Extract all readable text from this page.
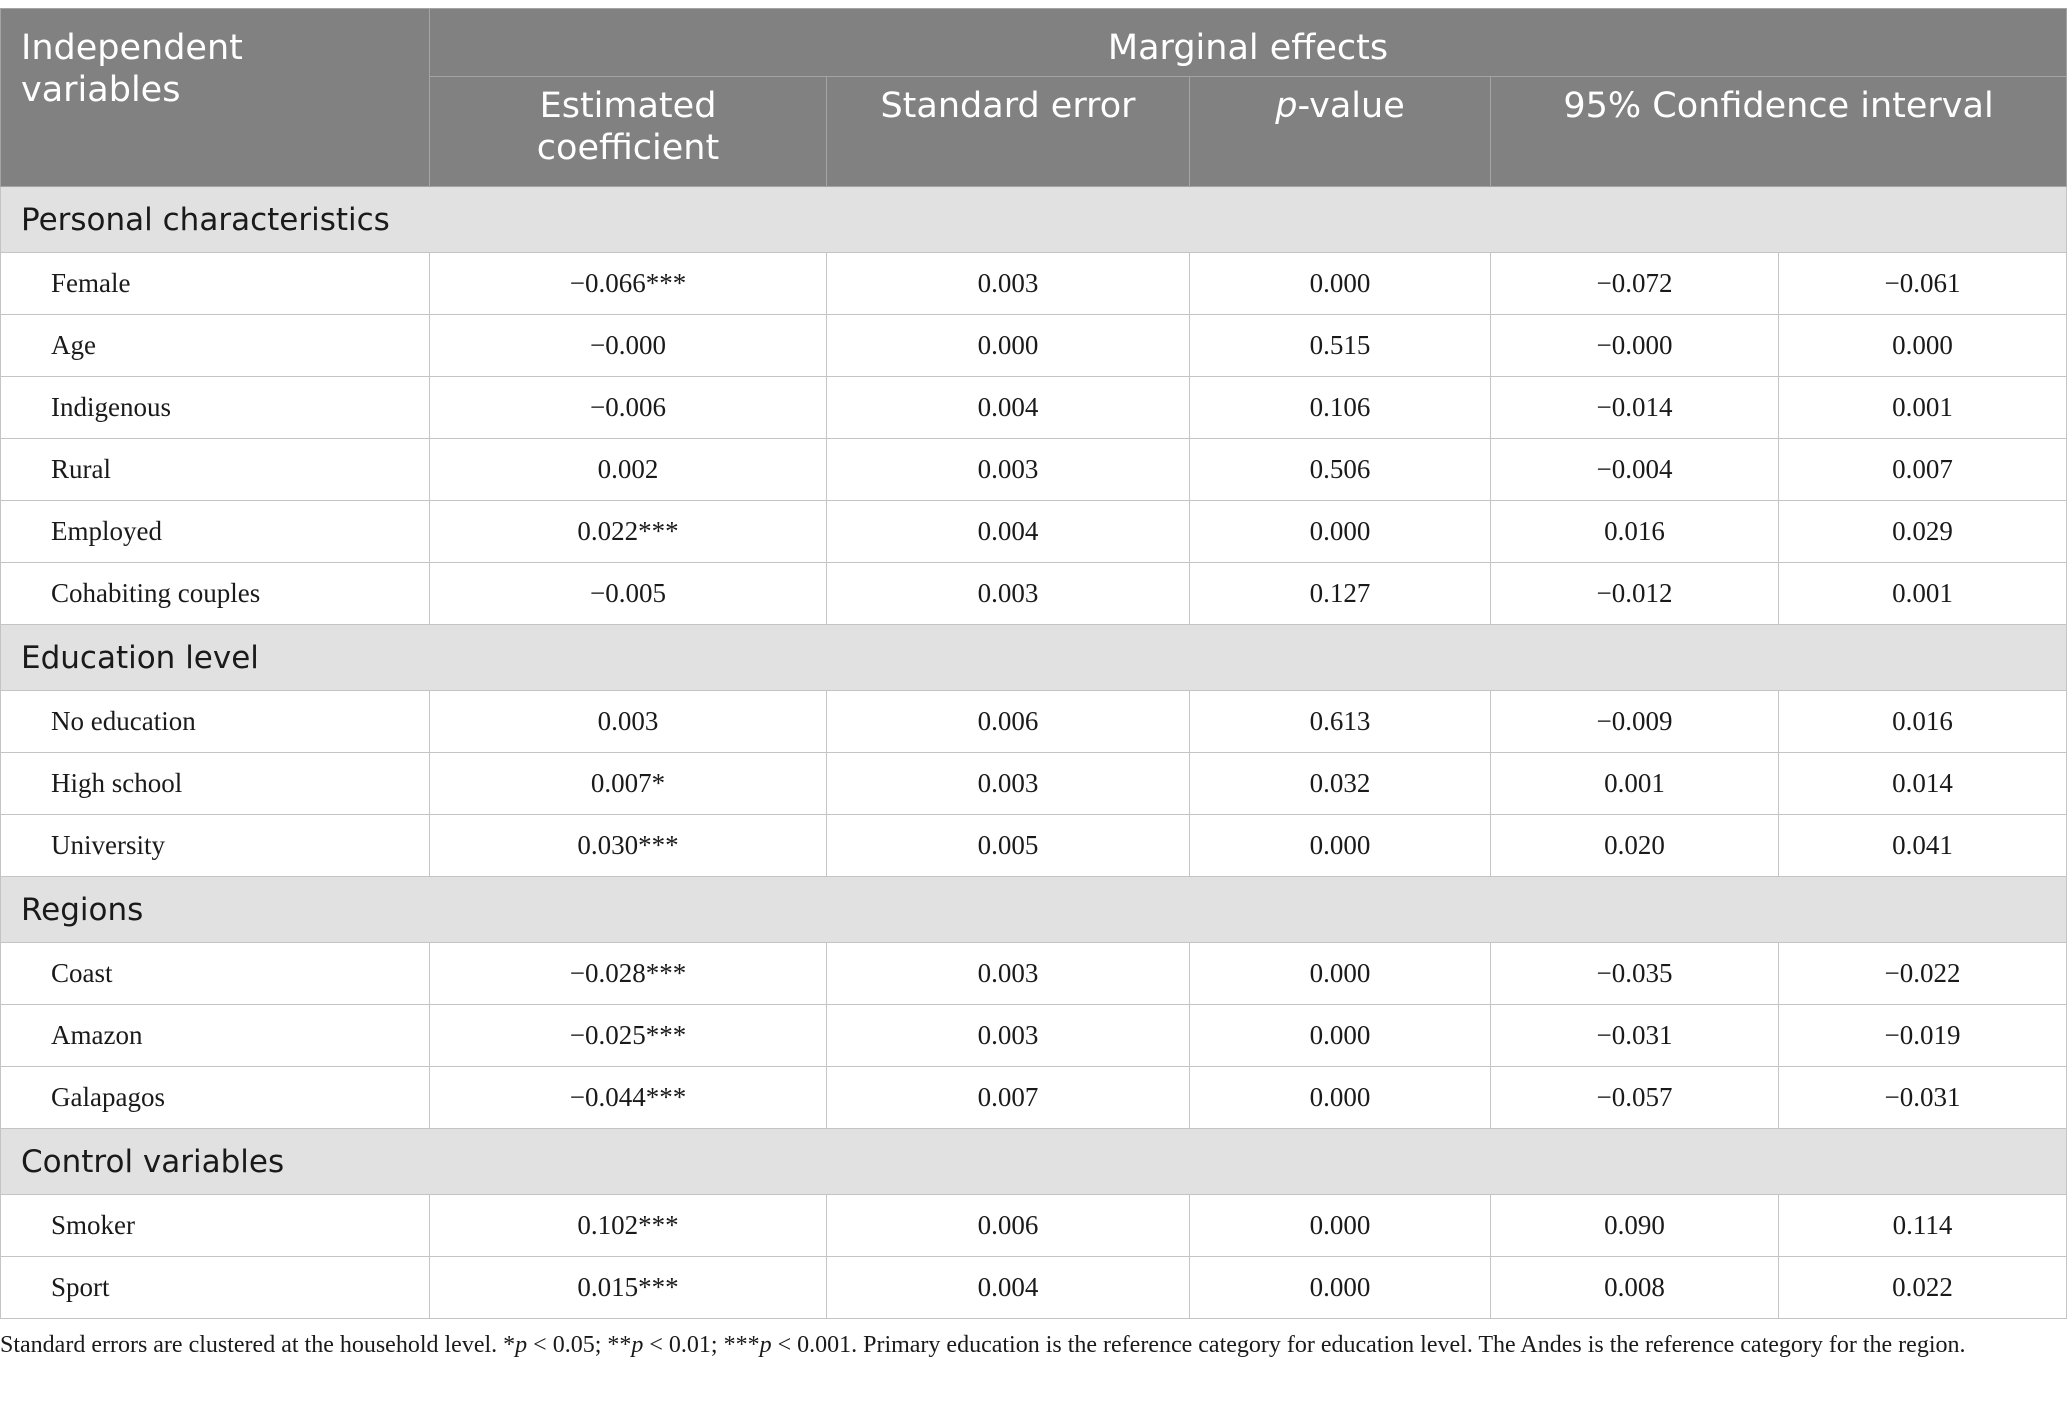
Independent variables	Marginal effects				

	Estimated coefficient	Standard error	p-value	95% Confidence interval	
Personal characteristics					
Female	−0.066***	0.003	0.000	−0.072	−0.061
Age	−0.000	0.000	0.515	−0.000	0.000
Indigenous	−0.006	0.004	0.106	−0.014	0.001
Rural	0.002	0.003	0.506	−0.004	0.007
Employed	0.022***	0.004	0.000	0.016	0.029
Cohabiting couples	−0.005	0.003	0.127	−0.012	0.001
Education level					
No education	0.003	0.006	0.613	−0.009	0.016
High school	0.007*	0.003	0.032	0.001	0.014
University	0.030***	0.005	0.000	0.020	0.041
Regions					
Coast	−0.028***	0.003	0.000	−0.035	−0.022
Amazon	−0.025***	0.003	0.000	−0.031	−0.019
Galapagos	−0.044***	0.007	0.000	−0.057	−0.031
Control variables					
Smoker	0.102***	0.006	0.000	0.090	0.114
Sport	0.015***	0.004	0.000	0.008	0.022
Standard errors are clustered at the household level. *p < 0.05; **p < 0.01; ***p < 0.001. Primary education is the reference category for education level. The Andes is the reference category for the region.
